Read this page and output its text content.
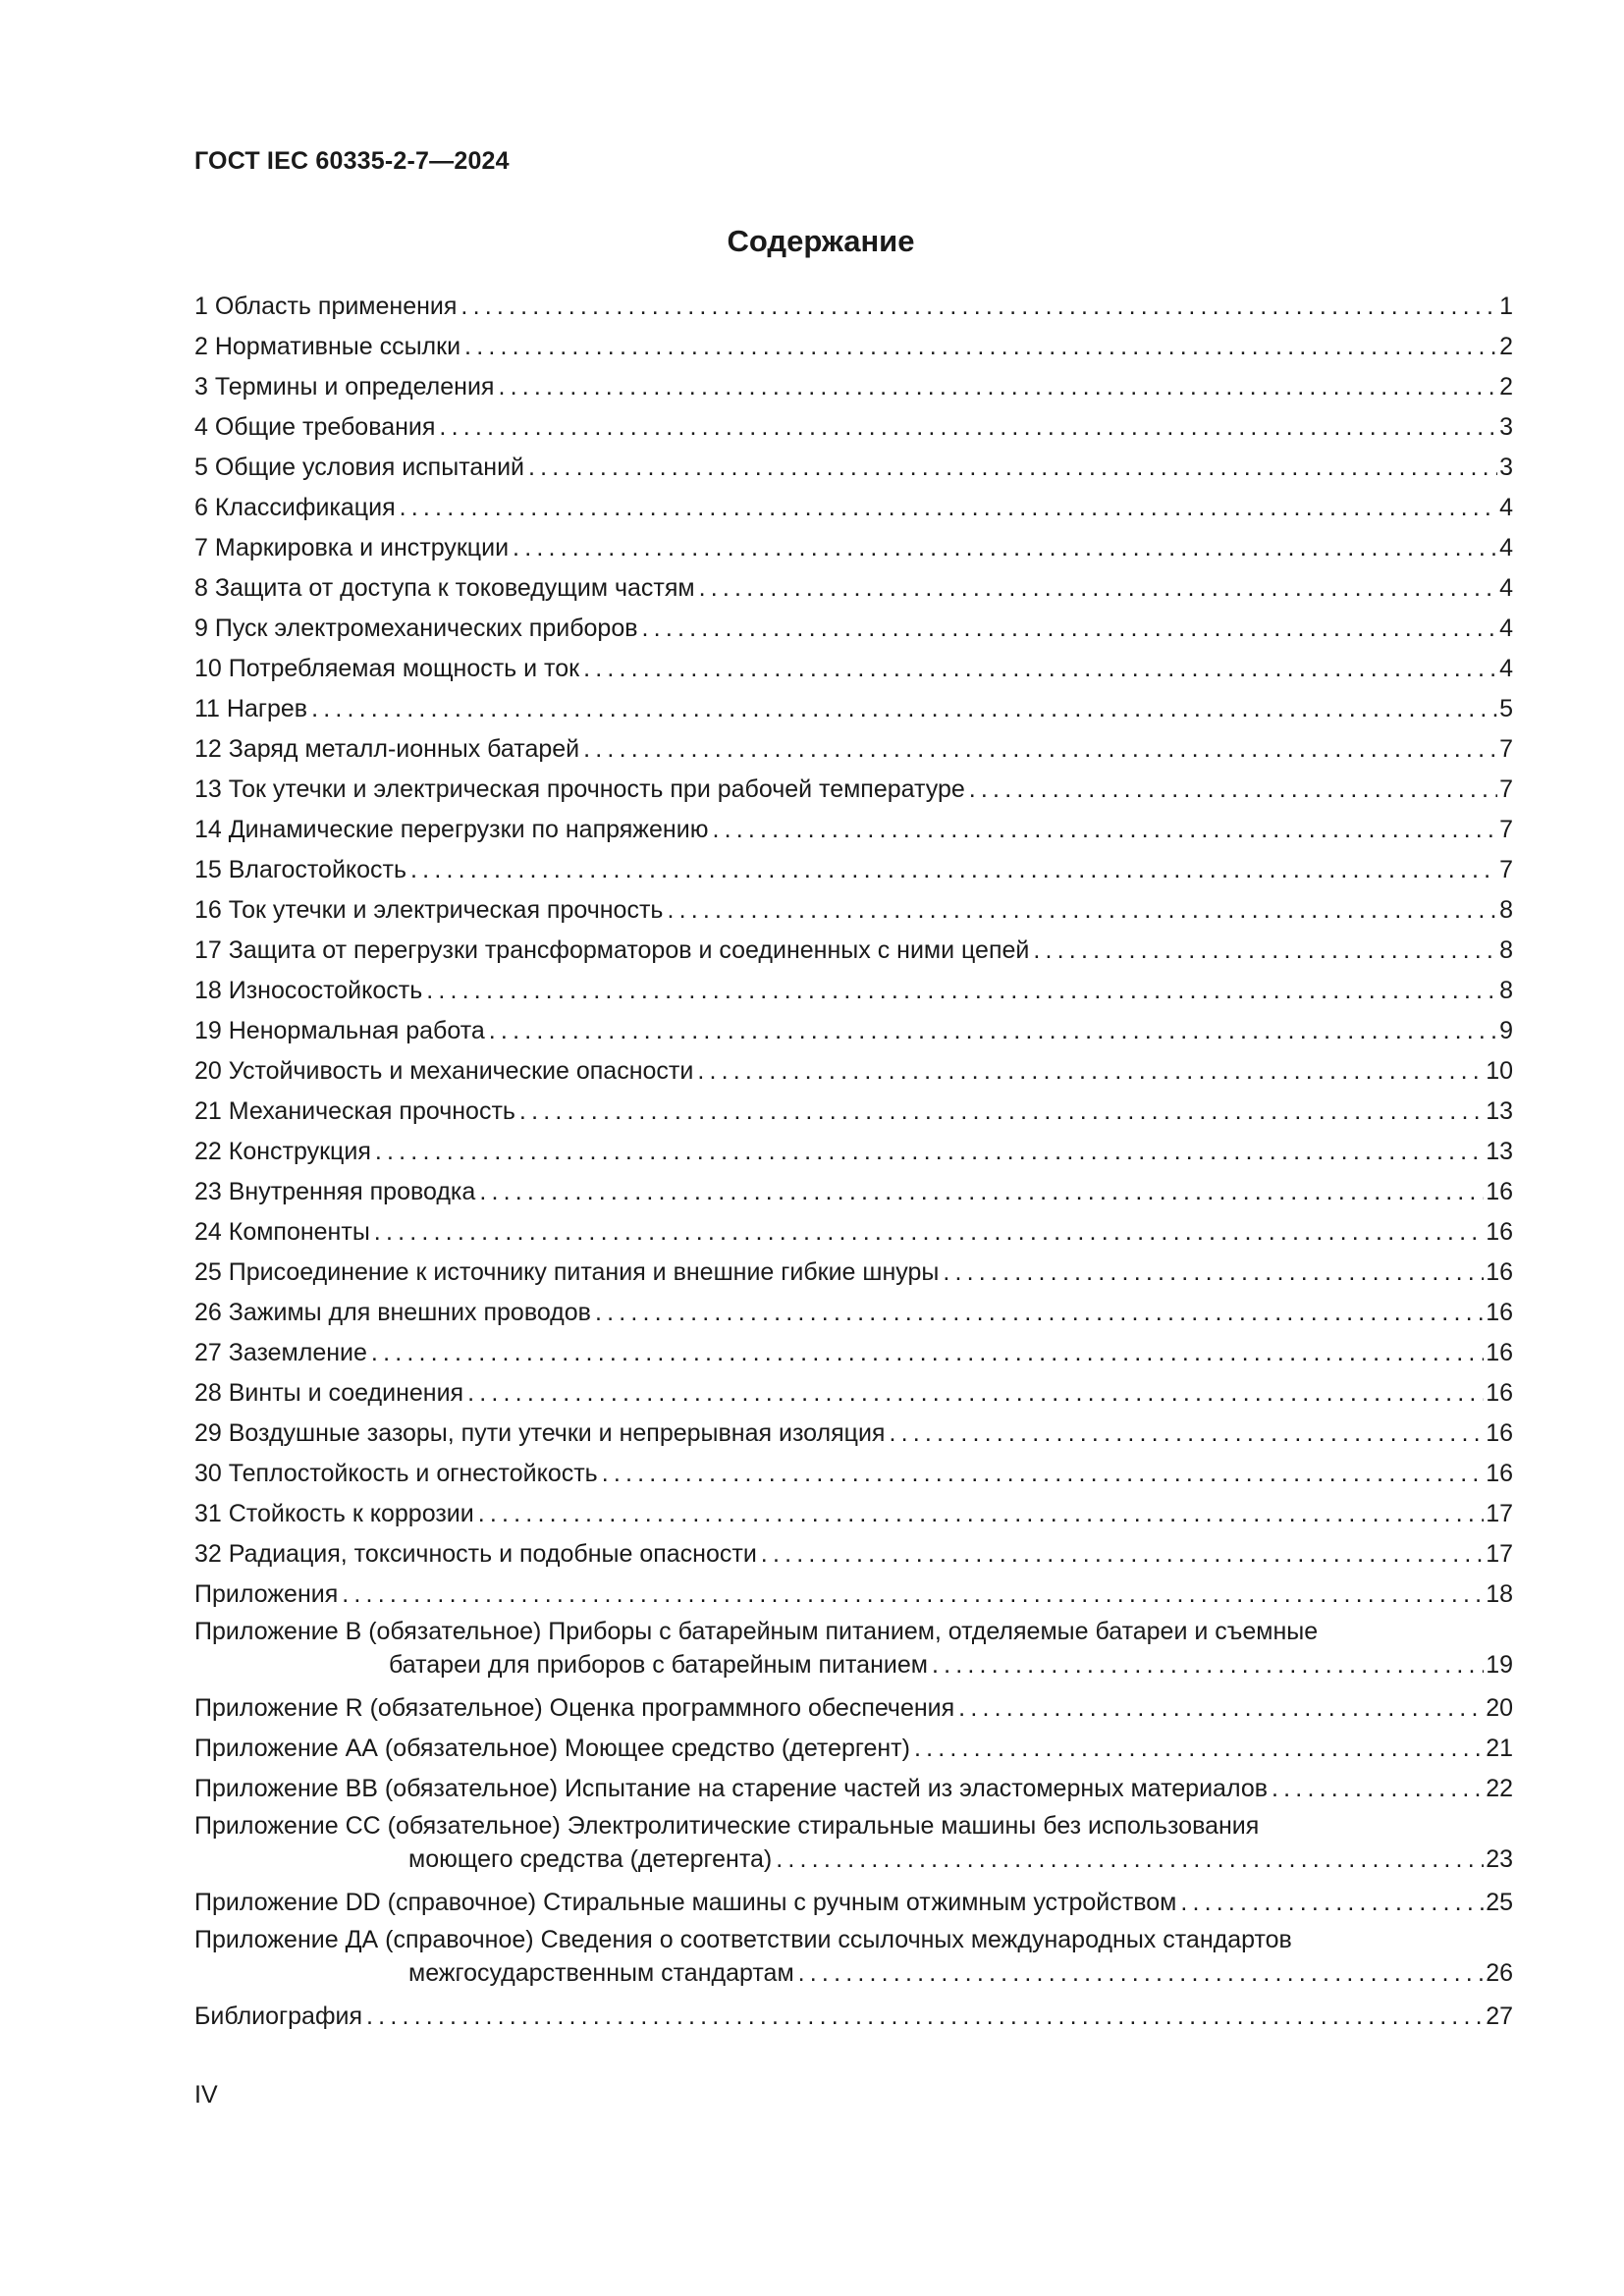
ГОСТ IEC 60335-2-7—2024
Содержание
1 Область применения .....	1
2 Нормативные ссылки .....	2
3 Термины и определения .....	2
4 Общие требования .....	3
5 Общие условия испытаний .....	3
6 Классификация .....	4
7 Маркировка и инструкции .....	4
8 Защита от доступа к токоведущим частям .....	4
9 Пуск электромеханических приборов .....	4
10 Потребляемая мощность и ток .....	4
11 Нагрев .....	5
12 Заряд металл-ионных батарей .....	7
13 Ток утечки и электрическая прочность при рабочей температуре .....	7
14 Динамические перегрузки по напряжению .....	7
15 Влагостойкость .....	7
16 Ток утечки и электрическая прочность .....	8
17 Защита от перегрузки трансформаторов и соединенных с ними цепей .....	8
18 Износостойкость .....	8
19 Ненормальная работа .....	9
20 Устойчивость и механические опасности .....	10
21 Механическая прочность .....	13
22 Конструкция .....	13
23 Внутренняя проводка .....	16
24 Компоненты .....	16
25 Присоединение к источнику питания и внешние гибкие шнуры .....	16
26 Зажимы для внешних проводов .....	16
27 Заземление .....	16
28 Винты и соединения .....	16
29 Воздушные зазоры, пути утечки и непрерывная изоляция .....	16
30 Теплостойкость и огнестойкость .....	16
31 Стойкость к коррозии .....	17
32 Радиация, токсичность и подобные опасности .....	17
Приложения .....	18
Приложение B (обязательное) Приборы с батарейным питанием, отделяемые батареи и съемные
батареи для приборов с батарейным питанием .....	19
Приложение R (обязательное) Оценка программного обеспечения .....	20
Приложение АА (обязательное) Моющее средство (детергент) .....	21
Приложение ВВ (обязательное) Испытание на старение частей из эластомерных материалов .....	22
Приложение СС (обязательное) Электролитические стиральные машины без использования
моющего средства (детергента) .....	23
Приложение DD (справочное) Стиральные машины с ручным отжимным устройством .....	25
Приложение ДА (справочное) Сведения о соответствии ссылочных международных стандартов
межгосударственным стандартам .....	26
Библиография .....	27
IV
